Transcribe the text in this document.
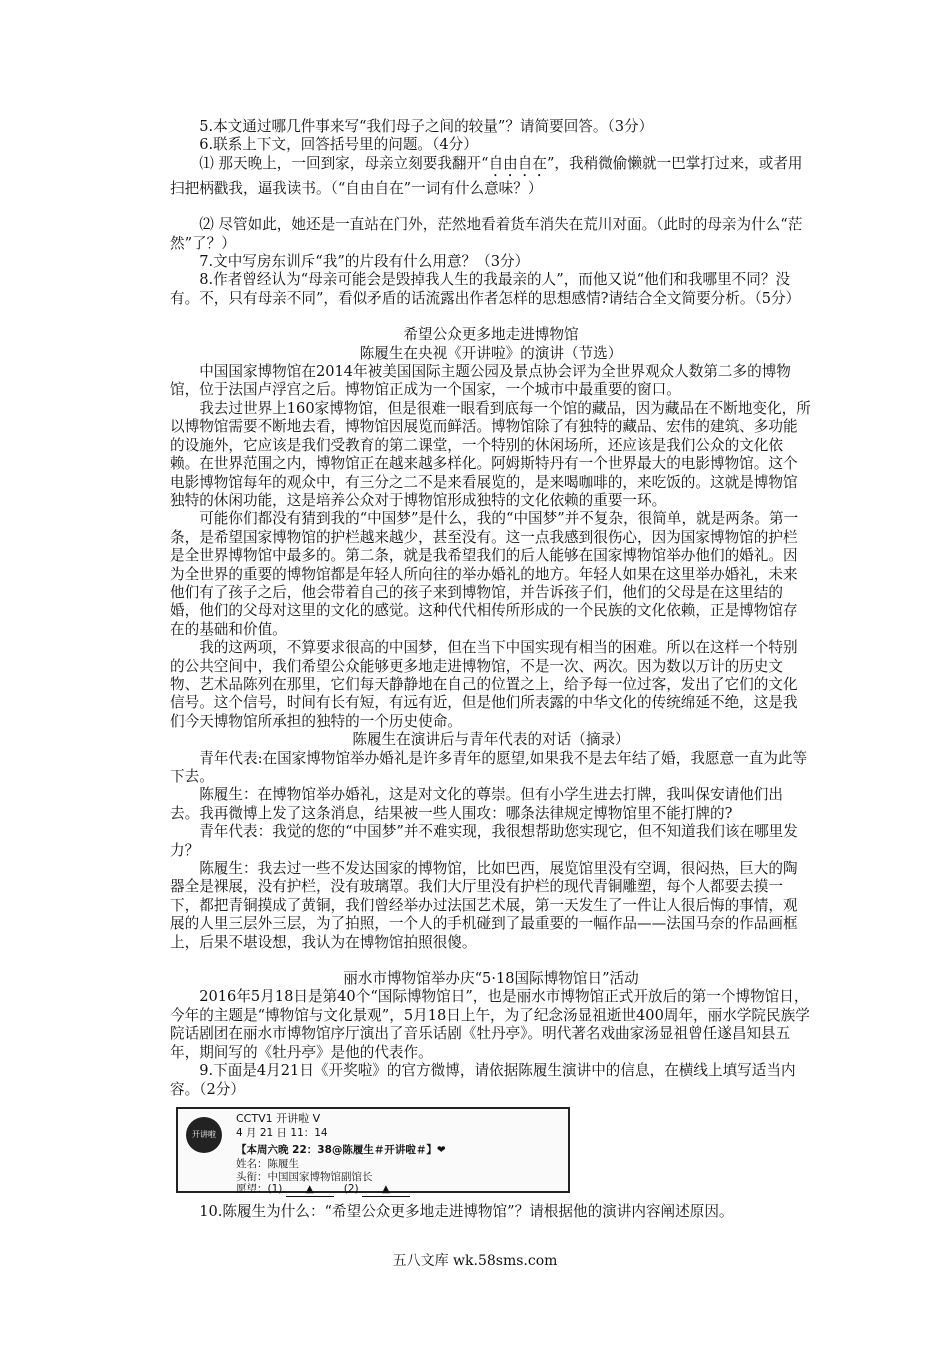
5.本文通过哪几件事来写“我们母子之间的较量”？请简要回答。（3分）

6.联系上下文，回答括号里的问题。（4分）

⑴ 那天晚上，一回到家，母亲立刻要我翻开“自由自在”，我稍微偷懒就一巴掌打过来，或者用扫把柄戳我，逼我读书。（“自由自在”一词有什么意味？）

⑵ 尽管如此，她还是一直站在门外，茫然地看着货车消失在荒川对面。（此时的母亲为什么“茫然”了？）

7.文中写房东训斥“我”的片段有什么用意？（3分）

8.作者曾经认为“母亲可能会是毁掉我人生的我最亲的人”，而他又说“他们和我哪里不同？没有。不，只有母亲不同”，看似矛盾的话流露出作者怎样的思想感情?请结合全文简要分析。（5分）

希望公众更多地走进博物馆

陈履生在央视《开讲啦》的演讲（节选）

中国国家博物馆在2014年被美国国际主题公园及景点协会评为全世界观众人数第二多的博物馆，位于法国卢浮宫之后。博物馆正成为一个国家，一个城市中最重要的窗口。

我去过世界上160家博物馆，但是很难一眼看到底每一个馆的藏品，因为藏品在不断地变化，所以博物馆需要不断地去看，博物馆因展览而鲜活。博物馆除了有独特的藏品、宏伟的建筑、多功能的设施外，它应该是我们受教育的第二课堂，一个特别的休闲场所，还应该是我们公众的文化依赖。在世界范围之内，博物馆正在越来越多样化。阿姆斯特丹有一个世界最大的电影博物馆。这个电影博物馆每年的观众中，有三分之二不是来看展览的，是来喝咖啡的，来吃饭的。这就是博物馆独特的休闲功能，这是培养公众对于博物馆形成独特的文化依赖的重要一环。

可能你们都没有猜到我的“中国梦”是什么，我的“中国梦”并不复杂，很简单，就是两条。第一条，是希望国家博物馆的护栏越来越少，甚至没有。这一点我感到很伤心，因为国家博物馆的护栏是全世界博物馆中最多的。第二条，就是我希望我们的后人能够在国家博物馆举办他们的婚礼。因为全世界的重要的博物馆都是年轻人所向往的举办婚礼的地方。年轻人如果在这里举办婚礼，未来他们有了孩子之后，他会带着自己的孩子来到博物馆，并告诉孩子们，他们的父母是在这里结的婚，他们的父母对这里的文化的感觉。这种代代相传所形成的一个民族的文化依赖，正是博物馆存在的基础和价值。

我的这两项，不算要求很高的中国梦，但在当下中国实现有相当的困难。所以在这样一个特别的公共空间中，我们希望公众能够更多地走进博物馆，不是一次、两次。因为数以万计的历史文物、艺术品陈列在那里，它们每天静静地在自己的位置之上，给予每一位过客，发出了它们的文化信号。这个信号，时间有长有短，有远有近，但是他们所表露的中华文化的传统绵延不绝，这是我们今天博物馆所承担的独特的一个历史使命。

陈履生在演讲后与青年代表的对话（摘录）

青年代表:在国家博物馆举办婚礼是许多青年的愿望,如果我不是去年结了婚，我愿意一直为此等下去。

陈履生：在博物馆举办婚礼，这是对文化的尊崇。但有小学生进去打牌，我叫保安请他们出去。我再微博上发了这条消息，结果被一些人围攻：哪条法律规定博物馆里不能打牌的?

青年代表：我觉的您的“中国梦”并不难实现，我很想帮助您实现它，但不知道我们该在哪里发力？

陈履生：我去过一些不发达国家的博物馆，比如巴西，展览馆里没有空调，很闷热，巨大的陶器全是裸展，没有护栏，没有玻璃罩。我们大厅里没有护栏的现代青铜雕塑，每个人都要去摸一下，都把青铜摸成了黄铜，我们曾经举办过法国艺术展，第一天发生了一件让人很后悔的事情，观展的人里三层外三层，为了拍照，一个人的手机碰到了最重要的一幅作品——法国马奈的作品画框上，后果不堪设想，我认为在博物馆拍照很傻。

丽水市博物馆举办庆“5·18国际博物馆日”活动

2016年5月18日是第40个“国际博物馆日”，也是丽水市博物馆正式开放后的第一个博物馆日，今年的主题是“博物馆与文化景观”，5月18日上午，为了纪念汤显祖逝世400周年，丽水学院民族学院话剧团在丽水市博物馆序厅演出了音乐话剧《牡丹亭》。明代著名戏曲家汤显祖曾任遂昌知县五年，期间写的《牡丹亭》是他的代表作。

9.下面是4月21日《开奖啦》的官方微博，请依据陈履生演讲中的信息，在横线上填写适当内容。（2分）

开讲啦
CCTV1 开讲啦 V
4 月 21 日 11：14
【本周六晚 22：38@陈履生＃开讲啦＃】❤
姓名：陈履生
头衔：中国国家博物馆副馆长
愿望：(1) ▲	(2) ▲

10.陈履生为什么：“希望公众更多地走进博物馆”？请根据他的演讲内容阐述原因。

五八文库 wk.58sms.com
